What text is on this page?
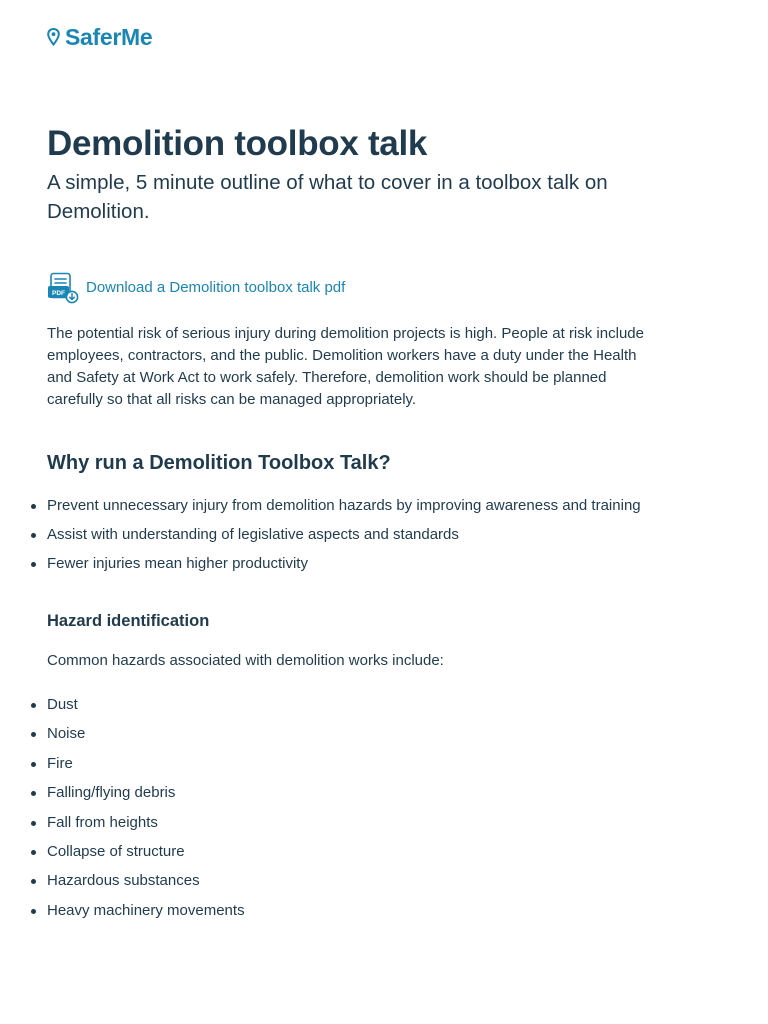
SaferMe
Demolition toolbox talk

A simple, 5 minute outline of what to cover in a toolbox talk on Demolition.

PDF Download a Demolition toolbox talk pdf

The potential risk of serious injury during demolition projects is high. People at risk include employees, contractors, and the public. Demolition workers have a duty under the Health and Safety at Work Act to work safely. Therefore, demolition work should be planned carefully so that all risks can be managed appropriately.

Why run a Demolition Toolbox Talk?
Prevent unnecessary injury from demolition hazards by improving awareness and training
Assist with understanding of legislative aspects and standards
Fewer injuries mean higher productivity
Hazard identification

Common hazards associated with demolition works include:

Dust
Noise
Fire
Falling/flying debris
Fall from heights
Collapse of structure
Hazardous substances
Heavy machinery movements
